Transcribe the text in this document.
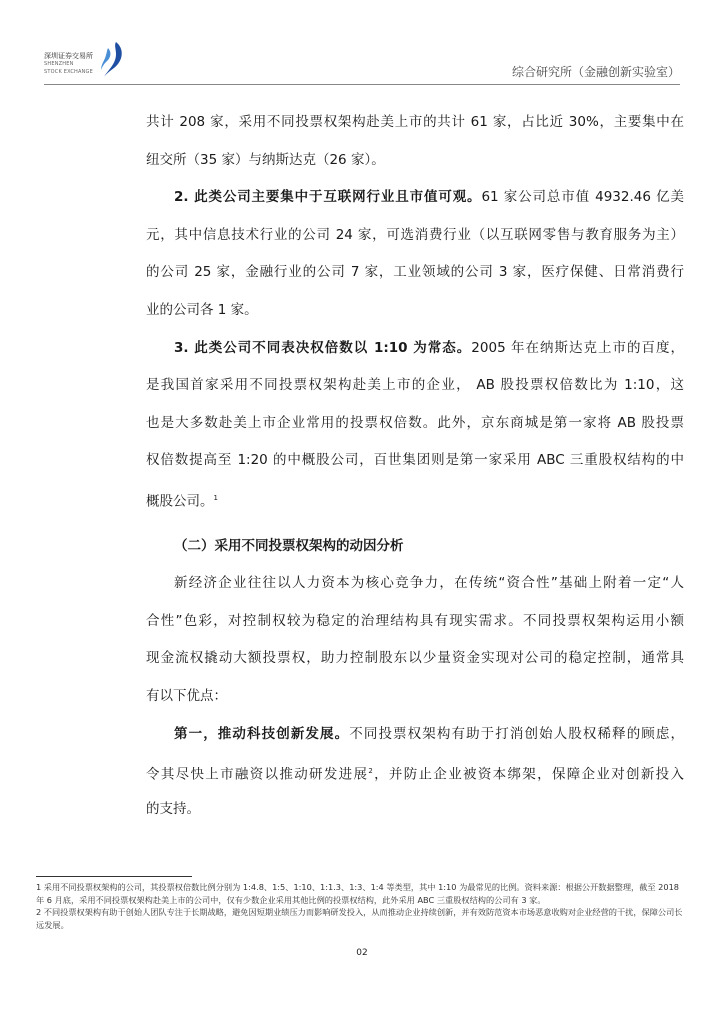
深圳证券交易所
SHENZHEN
STOCK EXCHANGE	综合研究所（金融创新实验室）
共计 208 家，采用不同投票权架构赴美上市的共计 61 家，占比近 30%，主要集中在
纽交所（35 家）与纳斯达克（26 家）。
2. 此类公司主要集中于互联网行业且市值可观。61 家公司总市值 4932.46 亿美
元，其中信息技术行业的公司 24 家，可选消费行业（以互联网零售与教育服务为主）
的公司 25 家，金融行业的公司 7 家，工业领域的公司 3 家，医疗保健、日常消费行
业的公司各 1 家。
3. 此类公司不同表决权倍数以 1:10 为常态。2005 年在纳斯达克上市的百度，
是我国首家采用不同投票权架构赴美上市的企业， AB 股投票权倍数比为 1:10，这
也是大多数赴美上市企业常用的投票权倍数。此外，京东商城是第一家将 AB 股投票
权倍数提高至 1:20 的中概股公司，百世集团则是第一家采用 ABC 三重股权结构的中
概股公司。$^1$
（二）采用不同投票权架构的动因分析
新经济企业往往以人力资本为核心竞争力，在传统“资合性”基础上附着一定“人
合性”色彩，对控制权较为稳定的治理结构具有现实需求。不同投票权架构运用小额
现金流权撬动大额投票权，助力控制股东以少量资金实现对公司的稳定控制，通常具
有以下优点：
第一，推动科技创新发展。不同投票权架构有助于打消创始人股权稀释的顾虑，
令其尽快上市融资以推动研发进展$^2$，并防止企业被资本绑架，保障企业对创新投入
的支持。

1 采用不同投票权架构的公司，其投票权倍数比例分别为 1:4.8、1:5、1:10、1:1.3、1:3、1:4 等类型，其中 1:10 为最常见的比例。资料来源：根据公开数据整理，截至 2018 年 6 月底，采用不同投票权架构赴美上市的公司中，仅有少数企业采用其他比例的投票权结构，此外采用 ABC 三重股权结构的公司有 3 家。

2 不同投票权架构有助于创始人团队专注于长期战略，避免因短期业绩压力而影响研发投入，从而推动企业持续创新，并有效防范资本市场恶意收购对企业经营的干扰，保障公司长远发展。

02
